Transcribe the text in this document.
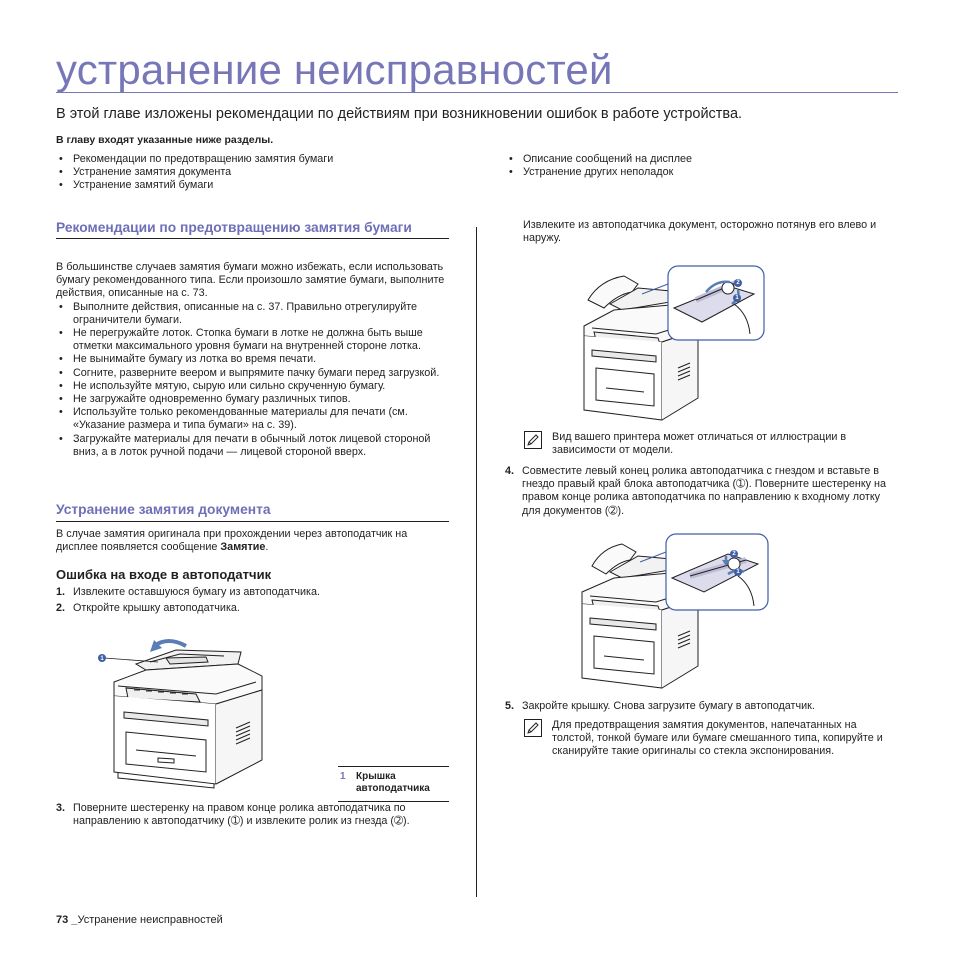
устранение неисправностей
В этой главе изложены рекомендации по действиям при возникновении ошибок в работе устройства.
В главу входят указанные ниже разделы.
• Рекомендации по предотвращению замятия бумаги
• Устранение замятия документа
• Устранение замятий бумаги
• Описание сообщений на дисплее
• Устранение других неполадок
Рекомендации по предотвращению замятия бумаги
В большинстве случаев замятия бумаги можно избежать, если использовать бумагу рекомендованного типа. Если произошло замятие бумаги, выполните действия, описанные на с. 73.
• Выполните действия, описанные на с. 37. Правильно отрегулируйте ограничители бумаги.
• Не перегружайте лоток. Стопка бумаги в лотке не должна быть выше отметки максимального уровня бумаги на внутренней стороне лотка.
• Не вынимайте бумагу из лотка во время печати.
• Согните, разверните веером и выпрямите пачку бумаги перед загрузкой.
• Не используйте мятую, сырую или сильно скрученную бумагу.
• Не загружайте одновременно бумагу различных типов.
• Используйте только рекомендованные материалы для печати (см. «Указание размера и типа бумаги» на с. 39).
• Загружайте материалы для печати в обычный лоток лицевой стороной вниз, а в лоток ручной подачи — лицевой стороной вверх.
Устранение замятия документа
В случае замятия оригинала при прохождении через автоподатчик на дисплее появляется сообщение Замятие.
Ошибка на входе в автоподатчик
1. Извлеките оставшуюся бумагу из автоподатчика.
2. Откройте крышку автоподатчика.
1
1 Крышка автоподатчика
3. Поверните шестеренку на правом конце ролика автоподатчика по направлению к автоподатчику (➀) и извлеките ролик из гнезда (➁).
Извлеките из автоподатчика документ, осторожно потянув его влево и наружу.
2
1
Вид вашего принтера может отличаться от иллюстрации в зависимости от модели.
4. Совместите левый конец ролика автоподатчика с гнездом и вставьте в гнездо правый край блока автоподатчика (➀). Поверните шестеренку на правом конце ролика автоподатчика по направлению к входному лотку для документов (➁).
2
1
5. Закройте крышку. Снова загрузите бумагу в автоподатчик.
Для предотвращения замятия документов, напечатанных на толстой, тонкой бумаге или бумаге смешанного типа, копируйте и сканируйте такие оригиналы со стекла экспонирования.
73 _Устранение неисправностей
